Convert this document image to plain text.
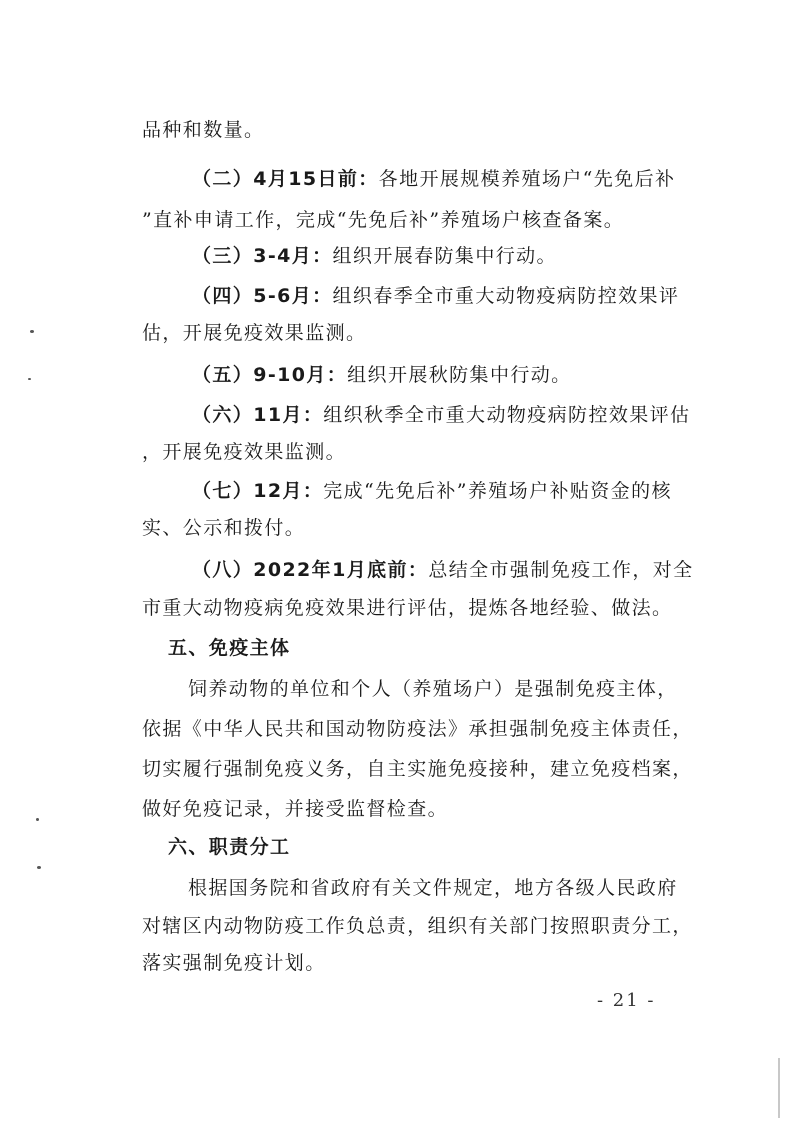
品种和数量。
（二）4月15日前：各地开展规模养殖场户“先免后补
”直补申请工作，完成“先免后补”养殖场户核查备案。
（三）3-4月：组织开展春防集中行动。
（四）5-6月：组织春季全市重大动物疫病防控效果评
估，开展免疫效果监测。
（五）9-10月：组织开展秋防集中行动。
（六）11月：组织秋季全市重大动物疫病防控效果评估
，开展免疫效果监测。
（七）12月：完成“先免后补”养殖场户补贴资金的核
实、公示和拨付。
（八）2022年1月底前：总结全市强制免疫工作，对全
市重大动物疫病免疫效果进行评估，提炼各地经验、做法。
五、免疫主体
饲养动物的单位和个人（养殖场户）是强制免疫主体，
依据《中华人民共和国动物防疫法》承担强制免疫主体责任，
切实履行强制免疫义务，自主实施免疫接种，建立免疫档案，
做好免疫记录，并接受监督检查。
六、职责分工
根据国务院和省政府有关文件规定，地方各级人民政府
对辖区内动物防疫工作负总责，组织有关部门按照职责分工，
落实强制免疫计划。
- 21 -
